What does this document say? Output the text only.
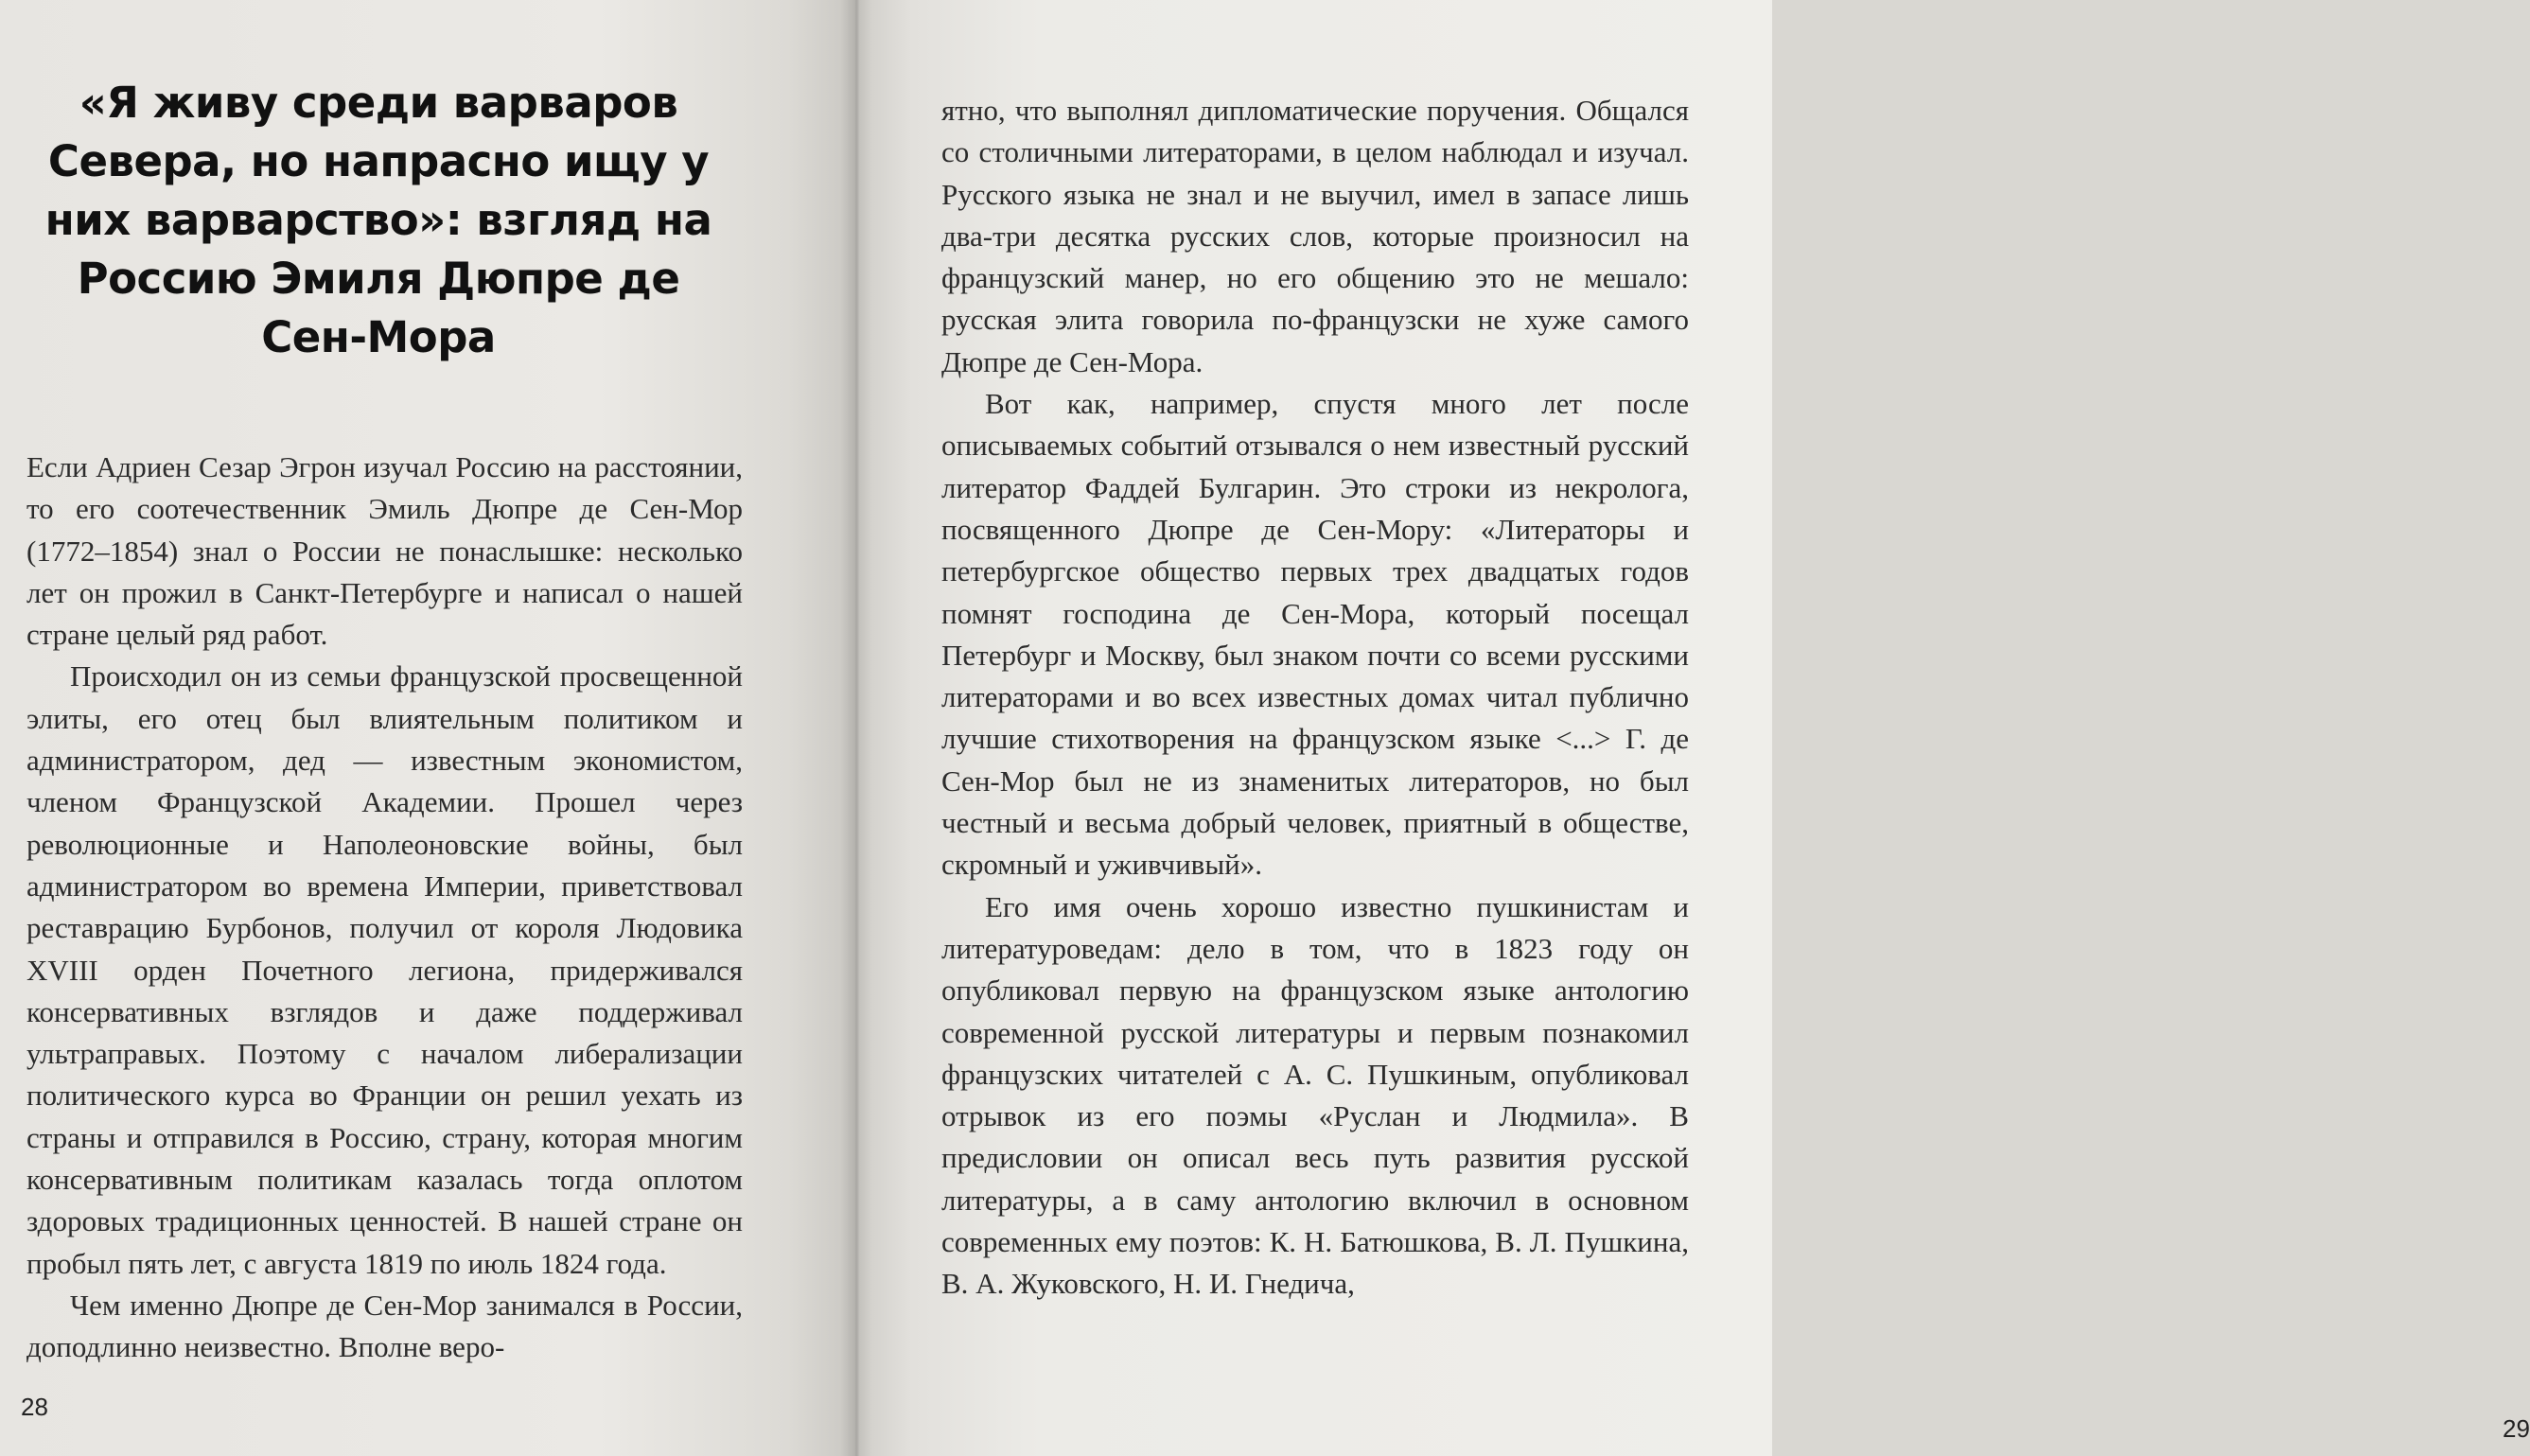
«Я живу среди варваров Севера, но напрасно ищу у них варварство»: взгляд на Россию Эмиля Дюпре де Сен-Мора

Если Адриен Сезар Эгрон изучал Россию на расстоянии, то его соотечественник Эмиль Дюпре де Сен-Мор (1772–1854) знал о России не понаслышке: несколько лет он прожил в Санкт-Петербурге и написал о нашей стране целый ряд работ.

Происходил он из семьи французской просвещенной элиты, его отец был влиятельным политиком и администратором, дед — известным экономистом, членом Французской Академии. Прошел через революционные и Наполеоновские войны, был администратором во времена Империи, приветствовал реставрацию Бурбонов, получил от короля Людовика XVIII орден Почетного легиона, придерживался консервативных взглядов и даже поддерживал ультраправых. Поэтому с началом либерализации политического курса во Франции он решил уехать из страны и отправился в Россию, страну, которая многим консервативным политикам казалась тогда оплотом здоровых традиционных ценностей. В нашей стране он пробыл пять лет, с августа 1819 по июль 1824 года.

Чем именно Дюпре де Сен-Мор занимался в России, доподлинно неизвестно. Вполне веро-

28
29

ятно, что выполнял дипломатические поручения. Общался со столичными литераторами, в целом наблюдал и изучал. Русского языка не знал и не выучил, имел в запасе лишь два-три десятка русских слов, которые произносил на французский манер, но его общению это не мешало: русская элита говорила по-французски не хуже самого Дюпре де Сен-Мора.

Вот как, например, спустя много лет после описываемых событий отзывался о нем известный русский литератор Фаддей Булгарин. Это строки из некролога, посвященного Дюпре де Сен-Мору: «Литераторы и петербургское общество первых трех двадцатых годов помнят господина де Сен-Мора, который посещал Петербург и Москву, был знаком почти со всеми русскими литераторами и во всех известных домах читал публично лучшие стихотворения на французском языке <...> Г. де Сен-Мор был не из знаменитых литераторов, но был честный и весьма добрый человек, приятный в обществе, скромный и уживчивый».

Его имя очень хорошо известно пушкинистам и литературоведам: дело в том, что в 1823 году он опубликовал первую на французском языке антологию современной русской литературы и первым познакомил французских читателей с А. С. Пушкиным, опубликовал отрывок из его поэмы «Руслан и Людмила». В предисловии он описал весь путь развития русской литературы, а в саму антологию включил в основном современных ему поэтов: К. Н. Батюшкова, В. Л. Пушкина, В. А. Жуковского, Н. И. Гнедича,
